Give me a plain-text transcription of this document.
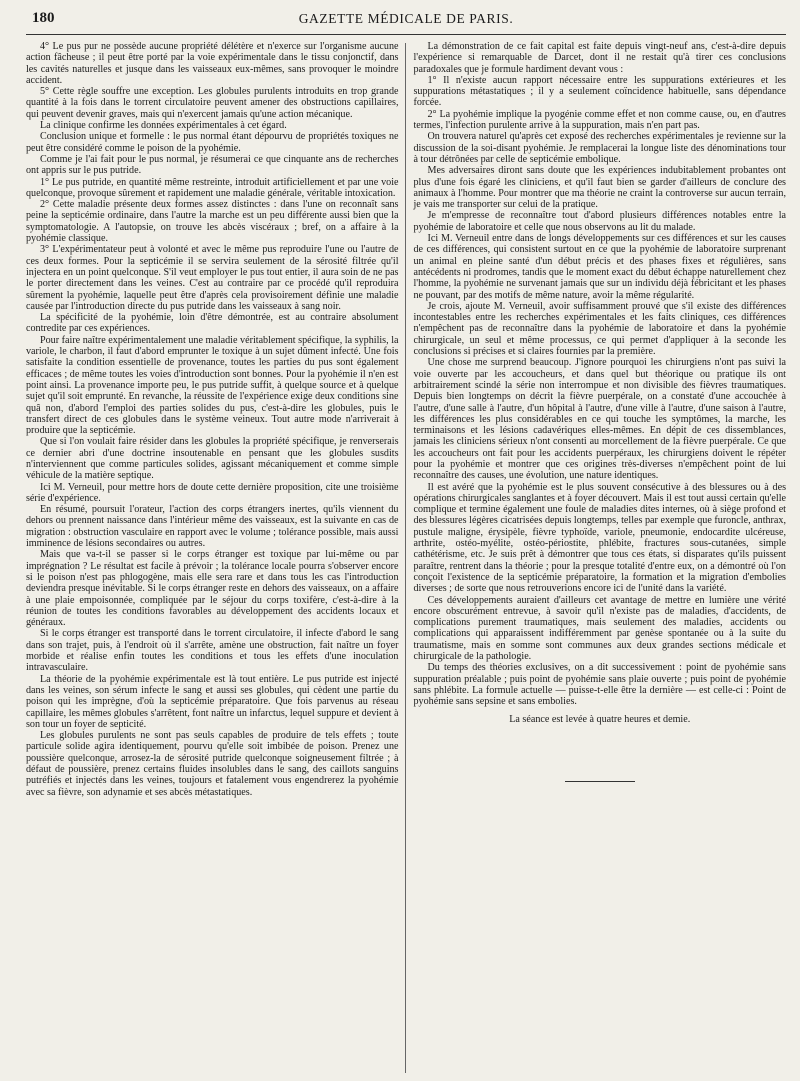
180	GAZETTE MÉDICALE DE PARIS.

4° Le pus pur ne possède aucune propriété délétère et n'exerce sur l'organisme aucune action fâcheuse ; il peut être porté par la voie expérimentale dans le tissu conjonctif, dans les cavités naturelles et jusque dans les vaisseaux eux-mêmes, sans provoquer le moindre accident.

5° Cette règle souffre une exception. Les globules purulents introduits en trop grande quantité à la fois dans le torrent circulatoire peuvent amener des obstructions capillaires, qui peuvent devenir graves, mais qui n'exercent jamais qu'une action mécanique.

La clinique confirme les données expérimentales à cet égard.

Conclusion unique et formelle : le pus normal étant dépourvu de propriétés toxiques ne peut être considéré comme le poison de la pyohémie.

Comme je l'ai fait pour le pus normal, je résumerai ce que cinquante ans de recherches ont appris sur le pus putride.

1° Le pus putride, en quantité même restreinte, introduit artificiellement et par une voie quelconque, provoque sûrement et rapidement une maladie générale, véritable intoxication.

2° Cette maladie présente deux formes assez distinctes : dans l'une on reconnaît sans peine la septicémie ordinaire, dans l'autre la marche est un peu différente aussi bien que la symptomatologie. A l'autopsie, on trouve les abcès viscéraux ; bref, on a affaire à la pyohémie classique.

3° L'expérimentateur peut à volonté et avec le même pus reproduire l'une ou l'autre de ces deux formes. Pour la septicémie il se servira seulement de la sérosité filtrée qu'il injectera en un point quelconque. S'il veut employer le pus tout entier, il aura soin de ne pas le porter directement dans les veines. C'est au contraire par ce procédé qu'il reproduira sûrement la pyohémie, laquelle peut être d'après cela provisoirement définie une maladie causée par l'introduction directe du pus putride dans les vaisseaux à sang noir.

La spécificité de la pyohémie, loin d'être démontrée, est au contraire absolument contredite par ces expériences.

Pour faire naître expérimentalement une maladie véritablement spécifique, la syphilis, la variole, le charbon, il faut d'abord emprunter le toxique à un sujet dûment infecté. Une fois satisfaite la condition essentielle de provenance, toutes les parties du pus sont également efficaces ; de même toutes les voies d'introduction sont bonnes. Pour la pyohémie il n'en est point ainsi. La provenance importe peu, le pus putride suffit, à quelque source et à quelque sujet qu'il soit emprunté. En revanche, la réussite de l'expérience exige deux conditions sine quâ non, d'abord l'emploi des parties solides du pus, c'est-à-dire les globules, puis le transfert direct de ces globules dans le système veineux. Tout autre mode n'arriverait à produire que la septicémie.

Que si l'on voulait faire résider dans les globules la propriété spécifique, je renverserais ce dernier abri d'une doctrine insoutenable en pensant que les globules susdits n'interviennent que comme particules solides, agissant mécaniquement et comme simple véhicule de la matière septique.

Ici M. Verneuil, pour mettre hors de doute cette dernière proposition, cite une troisième série d'expérience.

En résumé, poursuit l'orateur, l'action des corps étrangers inertes, qu'ils viennent du dehors ou prennent naissance dans l'intérieur même des vaisseaux, est la suivante en cas de migration : obstruction vasculaire en rapport avec le volume ; tolérance possible, mais aussi imminence de lésions secondaires ou autres.

Mais que va-t-il se passer si le corps étranger est toxique par lui-même ou par imprégnation ? Le résultat est facile à prévoir ; la tolérance locale pourra s'observer encore si le poison n'est pas phlogogène, mais elle sera rare et dans tous les cas l'introduction deviendra presque inévitable. Si le corps étranger reste en dehors des vaisseaux, on a affaire à une plaie empoisonnée, compliquée par le séjour du corps toxifère, c'est-à-dire à la réunion de toutes les conditions favorables au développement des accidents locaux et généraux.

Si le corps étranger est transporté dans le torrent circulatoire, il infecte d'abord le sang dans son trajet, puis, à l'endroit où il s'arrête, amène une obstruction, fait naître un foyer morbide et réalise enfin toutes les conditions et tous les effets d'une inoculation intravasculaire.

La théorie de la pyohémie expérimentale est là tout entière. Le pus putride est injecté dans les veines, son sérum infecte le sang et aussi ses globules, qui cèdent une partie du poison qui les imprègne, d'où la septicémie préparatoire. Que fois parvenus au réseau capillaire, les mêmes globules s'arrêtent, font naître un infarctus, lequel suppure et devient à son tour un foyer de septicité.

Les globules purulents ne sont pas seuls capables de produire de tels effets ; toute particule solide agira identiquement, pourvu qu'elle soit imbibée de poison. Prenez une poussière quelconque, arrosez-la de sérosité putride quelconque soigneusement filtrée ; à défaut de poussière, prenez certains fluides insolubles dans le sang, des caillots sanguins putréfiés et injectés dans les veines, toujours et fatalement vous engendrerez la pyohémie avec sa fièvre, son adynamie et ses abcès métastatiques.

La démonstration de ce fait capital est faite depuis vingt-neuf ans, c'est-à-dire depuis l'expérience si remarquable de Darcet, dont il ne restait qu'à tirer ces conclusions paradoxales que je formule hardiment devant vous :

1° Il n'existe aucun rapport nécessaire entre les suppurations extérieures et les suppurations métastatiques ; il y a seulement coïncidence habituelle, sans dépendance forcée.

2° La pyohémie implique la pyogénie comme effet et non comme cause, ou, en d'autres termes, l'infection purulente arrive à la suppuration, mais n'en part pas.

On trouvera naturel qu'après cet exposé des recherches expérimentales je revienne sur la discussion de la soi-disant pyohémie. Je remplacerai la longue liste des dénominations tour à tour détrônées par celle de septicémie embolique.

Mes adversaires diront sans doute que les expériences indubitablement probantes ont plus d'une fois égaré les cliniciens, et qu'il faut bien se garder d'ailleurs de conclure des animaux à l'homme. Pour montrer que ma théorie ne craint la controverse sur aucun terrain, je vais me transporter sur celui de la pratique.

Je m'empresse de reconnaître tout d'abord plusieurs différences notables entre la pyohémie de laboratoire et celle que nous observons au lit du malade.

Ici M. Verneuil entre dans de longs développements sur ces différences et sur les causes de ces différences, qui consistent surtout en ce que la pyohémie de laboratoire surprenant un animal en pleine santé d'un début précis et des phases fixes et régulières, sans antécédents ni prodromes, tandis que le moment exact du début échappe naturellement chez l'homme, la pyohémie ne survenant jamais que sur un individu déjà fébricitant et les phases ne pouvant, par des motifs de même nature, avoir la même régularité.

Je crois, ajoute M. Verneuil, avoir suffisamment prouvé que s'il existe des différences incontestables entre les recherches expérimentales et les faits cliniques, ces différences n'empêchent pas de reconnaître dans la pyohémie de laboratoire et dans la pyohémie chirurgicale, un seul et même processus, ce qui permet d'appliquer à la seconde les conclusions si précises et si claires fournies par la première.

Une chose me surprend beaucoup. J'ignore pourquoi les chirurgiens n'ont pas suivi la voie ouverte par les accoucheurs, et dans quel but théorique ou pratique ils ont arbitrairement scindé la série non interrompue et non divisible des fièvres traumatiques. Depuis bien longtemps on décrit la fièvre puerpérale, on a constaté d'une accouchée à l'autre, d'une salle à l'autre, d'un hôpital à l'autre, d'une ville à l'autre, d'une saison à l'autre, les différences les plus considérables en ce qui touche les symptômes, la marche, les terminaisons et les lésions cadavériques elles-mêmes. En dépit de ces dissemblances, jamais les cliniciens sérieux n'ont consenti au morcellement de la fièvre puerpérale. Ce que les accoucheurs ont fait pour les accidents puerpéraux, les chirurgiens doivent le répéter pour la pyohémie et montrer que ces origines très-diverses n'empêchent point de lui reconnaître des causes, une évolution, une nature identiques.

Il est avéré que la pyohémie est le plus souvent consécutive à des blessures ou à des opérations chirurgicales sanglantes et à foyer découvert. Mais il est tout aussi certain qu'elle complique et termine également une foule de maladies dites internes, où à siège profond et des blessures légères cicatrisées depuis longtemps, telles par exemple que furoncle, anthrax, pustule maligne, érysipèle, fièvre typhoïde, variole, pneumonie, endocardite ulcéreuse, arthrite, ostéo-myélite, ostéo-périostite, phlébite, fractures sous-cutanées, simple cathétérisme, etc. Je suis prêt à démontrer que tous ces états, si disparates qu'ils puissent paraître, rentrent dans la théorie ; pour la presque totalité d'entre eux, on a démontré où l'on conçoit l'existence de la septicémie préparatoire, la formation et la migration d'embolies diverses ; de sorte que nous retrouverions encore ici de l'unité dans la variété.

Ces développements auraient d'ailleurs cet avantage de mettre en lumière une vérité encore obscurément entrevue, à savoir qu'il n'existe pas de maladies, d'accidents, de complications purement traumatiques, mais seulement des maladies, accidents ou complications qui apparaissent indifféremment par genèse spontanée ou à la suite du traumatisme, mais en somme sont communes aux deux grandes sections médicale et chirurgicale de la pathologie.

Du temps des théories exclusives, on a dit successivement : point de pyohémie sans suppuration préalable ; puis point de pyohémie sans plaie ouverte ; puis point de pyohémie sans phlébite. La formule actuelle — puisse-t-elle être la dernière — est celle-ci : Point de pyohémie sans sepsine et sans embolies.

La séance est levée à quatre heures et demie.
